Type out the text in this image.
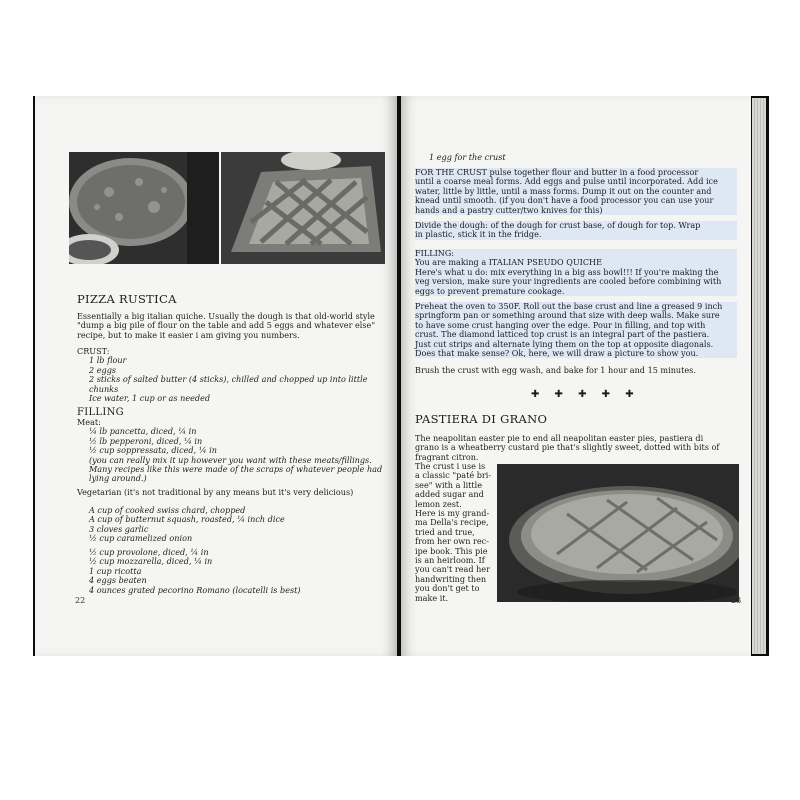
PIZZA RUSTICA
Essentially a big italian quiche. Usually the dough is that old-world style
"dump a big pile of flour on the table and add 5 eggs and whatever else"
recipe, but to make it easier i am giving you numbers.
CRUST:
1 lb flour
2 eggs
2 sticks of salted butter (4 sticks), chilled and chopped up into little
chunks
Ice water, 1 cup or as needed
FILLING
Meat:
¼ lb pancetta, diced, ¼ in
½ lb pepperoni, diced, ¼ in
½ cup soppressata, diced, ¼ in
(you can really mix it up however you want with these meats/fillings.
Many recipes like this were made of the scraps of whatever people had
lying around.)
Vegetarian (it's not traditional by any means but it's very delicious)
A cup of cooked swiss chard, chopped
A cup of butternut squash, roasted, ¼ inch dice
3 cloves garlic
½ cup caramelized onion
½ cup provolone, diced, ¼ in
½ cup mozzarella, diced, ¼ in
1 cup ricotta
4 eggs beaten
4 ounces grated pecorino Romano (locatelli is best)
22
1 egg for the crust
FOR THE CRUST pulse together flour and butter in a food processor
until a coarse meal forms. Add eggs and pulse until incorporated. Add ice
water, little by little, until a mass forms. Dump it out on the counter and
knead until smooth. (if you don't have a food processor you can use your
hands and a pastry cutter/two knives for this)
Divide the dough: of the dough for crust base, of dough for top. Wrap
in plastic, stick it in the fridge.
FILLING:
You are making a ITALIAN PSEUDO QUICHE
Here's what u do: mix everything in a big ass bowl!!! If you're making the
veg version, make sure your ingredients are cooled before combining with
eggs to prevent premature cookage.
Preheat the oven to 350F. Roll out the base crust and line a greased 9 inch
springform pan or something around that size with deep walls. Make sure
to have some crust hanging over the edge. Pour in filling, and top with
crust. The diamond latticed top crust is an integral part of the pastiera.
Just cut strips and alternate lying them on the top at opposite diagonals.
Does that make sense? Ok, here, we will draw a picture to show you.
Brush the crust with egg wash, and bake for 1 hour and 15 minutes.
✚ ✚ ✚ ✚ ✚
PASTIERA DI GRANO
The neapolitan easter pie to end all neapolitan easter pies, pastiera di
grano is a wheatberry custard pie that's slightly sweet, dotted with bits of
fragrant citron.
The crust i use is
a classic "paté bri-
see" with a little
added sugar and
lemon zest.
Here is my grand-
ma Della's recipe,
tried and true,
from her own rec-
ipe book. This pie
is an heirloom. If
you can't read her
handwriting then
you don't get to
make it.	23
